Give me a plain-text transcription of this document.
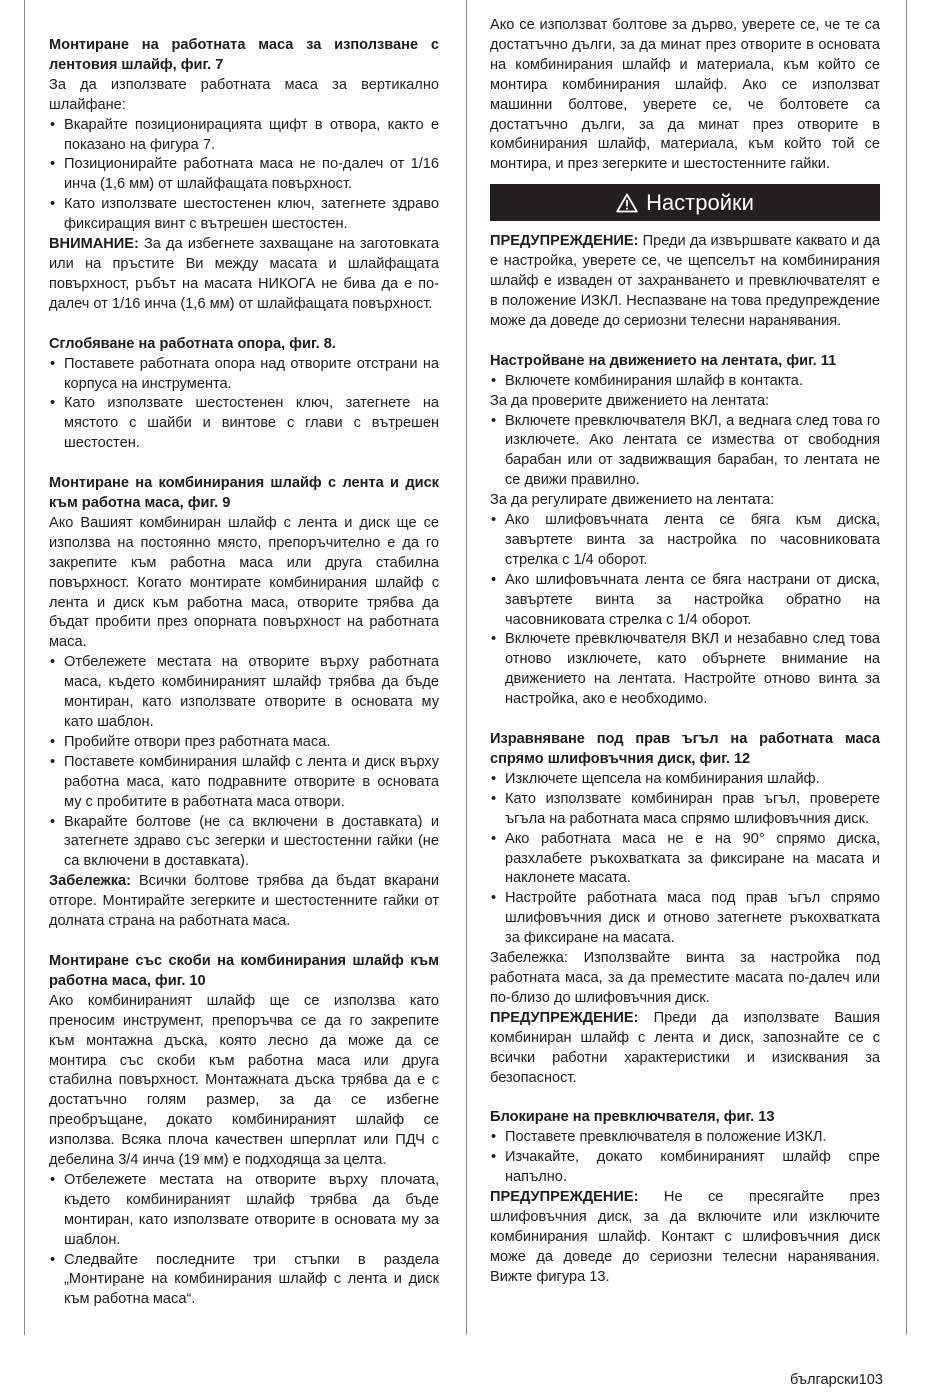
Монтиране на работната маса за използване с лентовия шлайф, фиг. 7

За да използвате работната маса за вертикално шлайфане:

• Вкарайте позиционирацията щифт в отвора, както е показано на фигура 7.
• Позиционирайте работната маса не по-далеч от 1/16 инча (1,6 мм) от шлайфащата повърхност.
• Като използвате шестостенен ключ, затегнете здраво фиксиращия винт с вътрешен шестостен.

ВНИМАНИЕ: За да избегнете захващане на заготовката или на пръстите Ви между масата и шлайфащата повърхност, ръбът на масата НИКОГА не бива да е по-далеч от 1/16 инча (1,6 мм) от шлайфащата повърхност.

Сглобяване на работната опора, фиг. 8.
• Поставете работната опора над отворите отстрани на корпуса на инструмента.
• Като използвате шестостенен ключ, затегнете на мястото с шайби и винтове с глави с вътрешен шестостен.
Монтиране на комбинирания шлайф с лента и диск към работна маса, фиг. 9

Ако Вашият комбиниран шлайф с лента и диск ще се използва на постоянно място, препоръчително е да го закрепите към работна маса или друга стабилна повърхност. Когато монтирате комбинирания шлайф с лента и диск към работна маса, отворите трябва да бъдат пробити през опорната повърхност на работната маса.

• Отбележете местата на отворите върху работната маса, където комбинираният шлайф трябва да бъде монтиран, като използвате отворите в основата му като шаблон.
• Пробийте отвори през работната маса.
• Поставете комбинирания шлайф с лента и диск върху работна маса, като подравните отворите в основата му с пробитите в работната маса отвори.
• Вкарайте болтове (не са включени в доставката) и затегнете здраво със зегерки и шестостенни гайки (не са включени в доставката).

Забележка: Всички болтове трябва да бъдат вкарани отгоре. Монтирайте зегерките и шестостенните гайки от долната страна на работната маса.

Монтиране със скоби на комбинирания шлайф към работна маса, фиг. 10

Ако комбинираният шлайф ще се използва като преносим инструмент, препоръчва се да го закрепите към монтажна дъска, която лесно да може да се монтира със скоби към работна маса или друга стабилна повърхност. Монтажната дъска трябва да е с достатъчно голям размер, за да се избегне преобръщане, докато комбинираният шлайф се използва. Всяка плоча качествен шперплат или ПДЧ с дебелина 3/4 инча (19 мм) е подходяща за целта.

• Отбележете местата на отворите върху плочата, където комбинираният шлайф трябва да бъде монтиран, като използвате отворите в основата му за шаблон.
• Следвайте последните три стъпки в раздела „Монтиране на комбинирания шлайф с лента и диск към работна маса“.

Ако се използват болтове за дърво, уверете се, че те са достатъчно дълги, за да минат през отворите в основата на комбинирания шлайф и материала, към който се монтира комбинирания шлайф. Ако се използват машинни болтове, уверете се, че болтовете са достатъчно дълги, за да минат през отворите в комбинирания шлайф, материала, към който той се монтира, и през зегерките и шестостенните гайки.

Настройки

ПРЕДУПРЕЖДЕНИЕ: Преди да извършвате каквато и да е настройка, уверете се, че щепселът на комбинирания шлайф е изваден от захранването и превключвателят е в положение ИЗКЛ. Неспазване на това предупреждение може да доведе до сериозни телесни наранявания.

Настройване на движението на лентата, фиг. 11
• Включете комбинирания шлайф в контакта.

За да проверите движението на лентата:

• Включете превключвателя ВКЛ, а веднага след това го изключете. Ако лентата се измества от свободния барабан или от задвижващия барабан, то лентата не се движи правилно.

За да регулирате движението на лентата:

• Ако шлифовъчната лента се бяга към диска, завъртете винта за настройка по часовниковата стрелка с 1/4 оборот.
• Ако шлифовъчната лента се бяга настрани от диска, завъртете винта за настройка обратно на часовниковата стрелка с 1/4 оборот.
• Включете превключвателя ВКЛ и незабавно след това отново изключете, като обърнете внимание на движението на лентата. Настройте отново винта за настройка, ако е необходимо.
Изравняване под прав ъгъл на работната маса спрямо шлифовъчния диск, фиг. 12
• Изключете щепсела на комбинирания шлайф.
• Като използвате комбиниран прав ъгъл, проверете ъгъла на работната маса спрямо шлифовъчния диск.
• Ако работната маса не е на 90° спрямо диска, разхлабете ръкохватката за фиксиране на масата и наклонете масата.
• Настройте работната маса под прав ъгъл спрямо шлифовъчния диск и отново затегнете ръкохватката за фиксиране на масата.

Забележка: Използвайте винта за настройка под работната маса, за да преместите масата по-далеч или по-близо до шлифовъчния диск.

ПРЕДУПРЕЖДЕНИЕ: Преди да използвате Вашия комбиниран шлайф с лента и диск, запознайте се с всички работни характеристики и изисквания за безопасност.

Блокиране на превключвателя, фиг. 13
• Поставете превключвателя в положение ИЗКЛ.
• Изчакайте, докато комбинираният шлайф спре напълно.

ПРЕДУПРЕЖДЕНИЕ: Не се пресягайте през шлифовъчния диск, за да включите или изключите комбинирания шлайф. Контакт с шлифовъчния диск може да доведе до сериозни телесни наранявания. Вижте фигура 13.

български103
